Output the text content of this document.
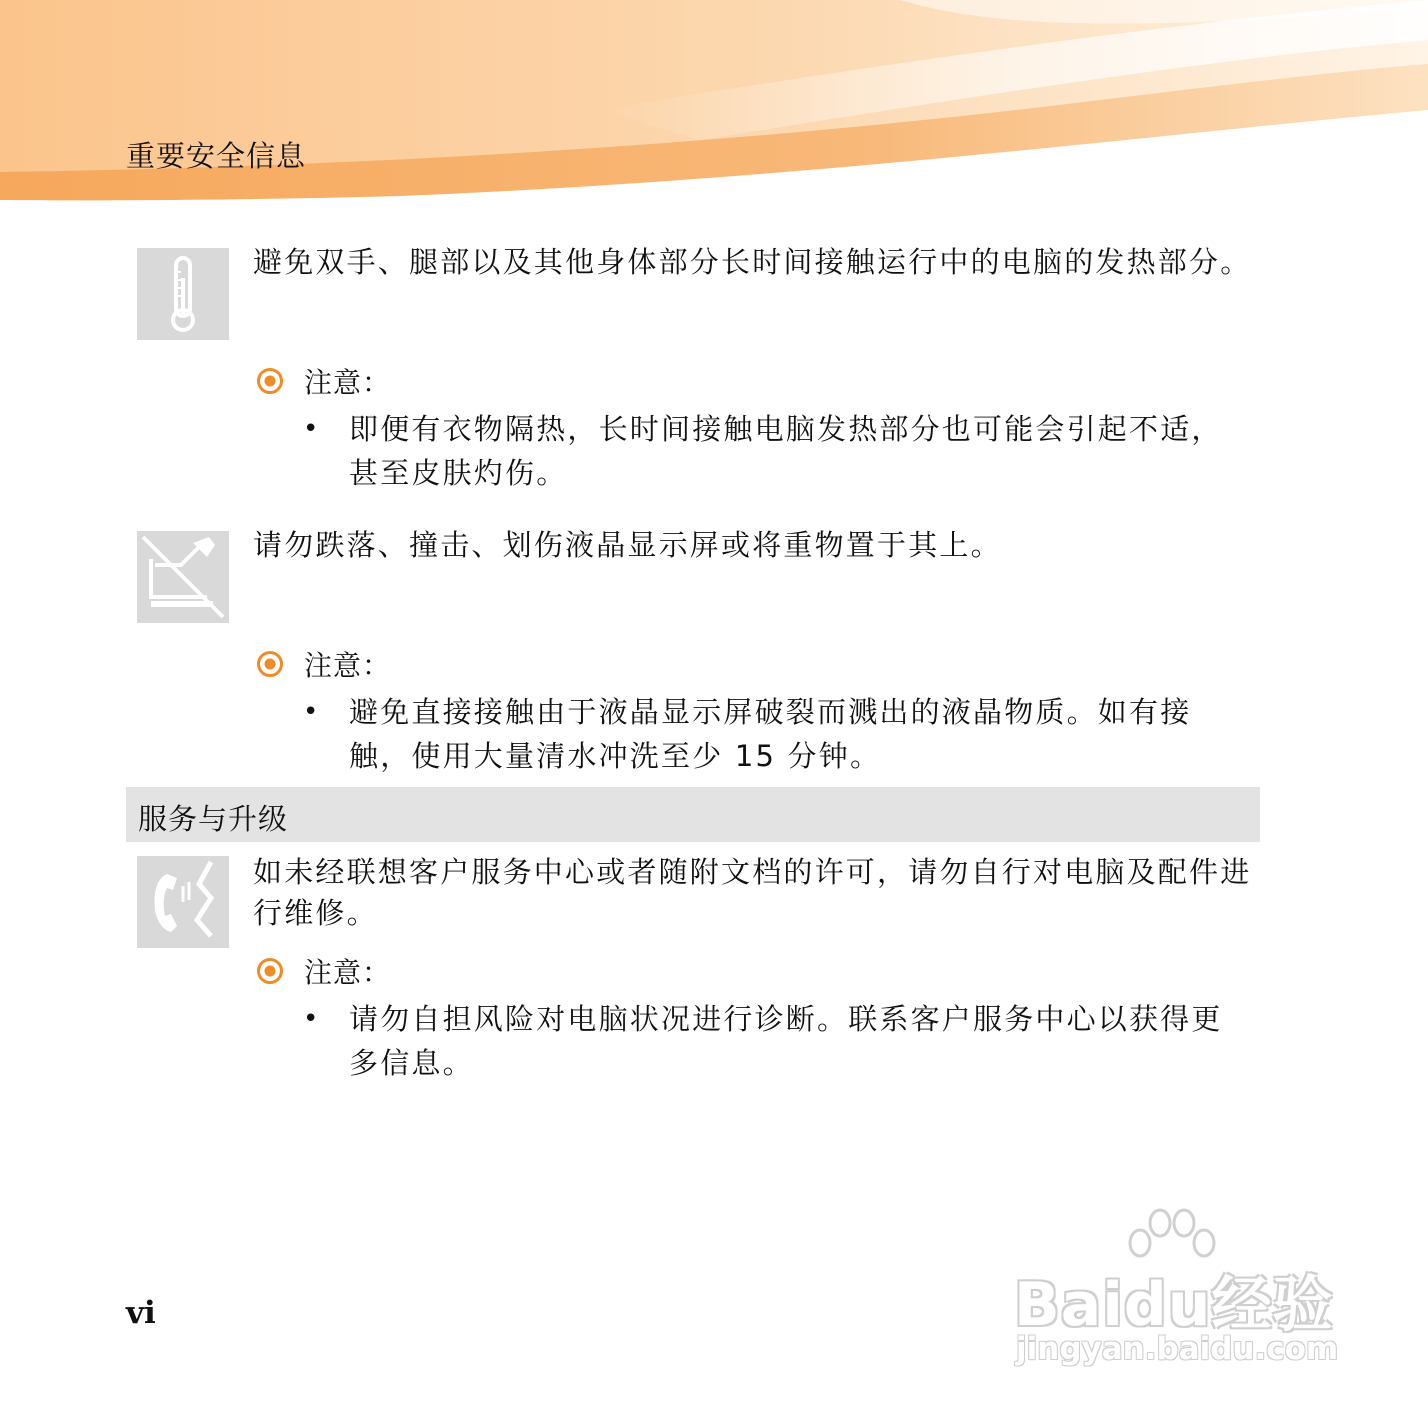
重要安全信息
避免双手、腿部以及其他身体部分长时间接触运行中的电脑的发热部分。
注意：
• 即便有衣物隔热，长时间接触电脑发热部分也可能会引起不适，甚至皮肤灼伤。
请勿跌落、撞击、划伤液晶显示屏或将重物置于其上。
注意：
• 避免直接接触由于液晶显示屏破裂而溅出的液晶物质。如有接触，使用大量清水冲洗至少 15 分钟。
服务与升级
如未经联想客户服务中心或者随附文档的许可，请勿自行对电脑及配件进行维修。
注意：
• 请勿自担风险对电脑状况进行诊断。联系客户服务中心以获得更多信息。
vi	Baidu经验
jingyan.baidu.com
